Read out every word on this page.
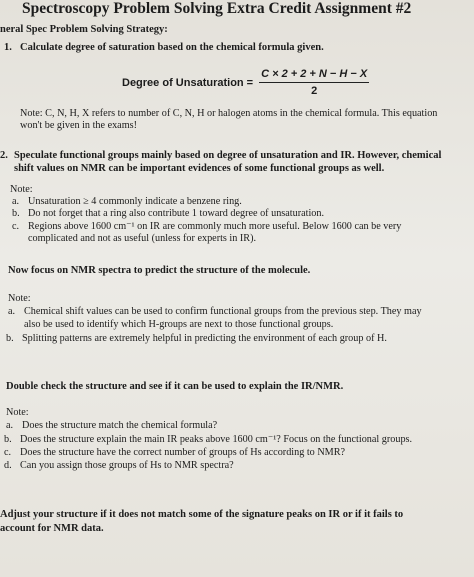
Spectroscopy Problem Solving Extra Credit Assignment #2
neral Spec Problem Solving Strategy:
1. Calculate degree of saturation based on the chemical formula given.
Degree of Unsaturation = $\frac{C \times 2 + 2 + N - H - X}{2}$
Note: C, N, H, X refers to number of C, N, H or halogen atoms in the chemical formula. This equation
won't be given in the exams!
2. Speculate functional groups mainly based on degree of unsaturation and IR. However, chemical
shift values on NMR can be important evidences of some functional groups as well.
Note:
a. Unsaturation ≥ 4 commonly indicate a benzene ring.
b. Do not forget that a ring also contribute 1 toward degree of unsaturation.
c. Regions above 1600 cm⁻¹ on IR are commonly much more useful. Below 1600 can be very
complicated and not as useful (unless for experts in IR).
Now focus on NMR spectra to predict the structure of the molecule.
Note:
a. Chemical shift values can be used to confirm functional groups from the previous step. They may
also be used to identify which H-groups are next to those functional groups.
b. Splitting patterns are extremely helpful in predicting the environment of each group of H.
Double check the structure and see if it can be used to explain the IR/NMR.
Note:
a. Does the structure match the chemical formula?
b. Does the structure explain the main IR peaks above 1600 cm⁻¹? Focus on the functional groups.
c. Does the structure have the correct number of groups of Hs according to NMR?
d. Can you assign those groups of Hs to NMR spectra?
Adjust your structure if it does not match some of the signature peaks on IR or if it fails to
account for NMR data.
